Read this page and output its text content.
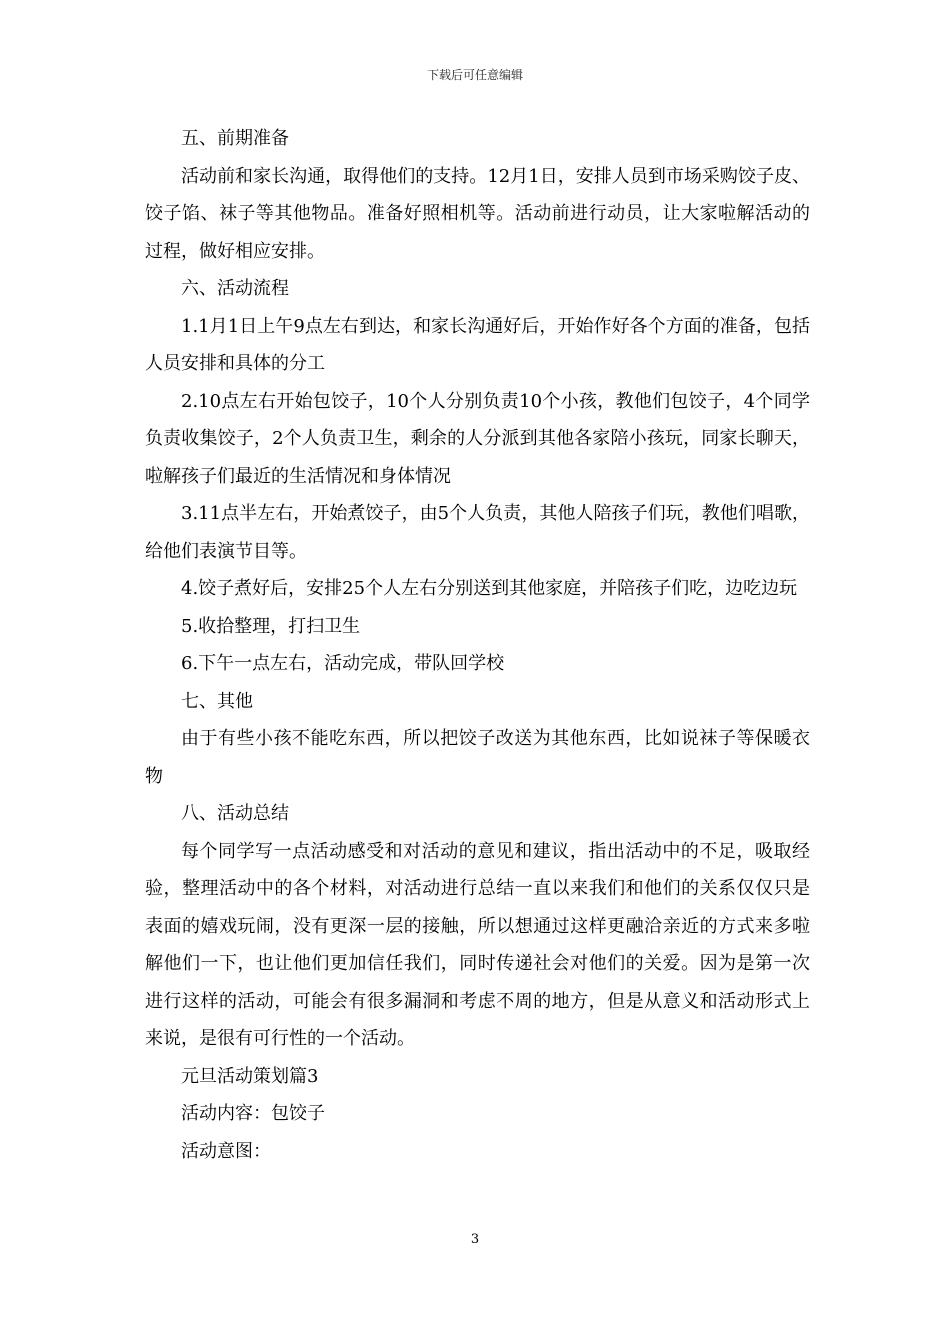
下载后可任意编辑

五、前期准备

活动前和家长沟通，取得他们的支持。12月1日，安排人员到市场采购饺子皮、饺子馅、袜子等其他物品。准备好照相机等。活动前进行动员，让大家啦解活动的过程，做好相应安排。

六、活动流程

1.1月1日上午9点左右到达，和家长沟通好后，开始作好各个方面的准备，包括人员安排和具体的分工

2.10点左右开始包饺子，10个人分别负责10个小孩，教他们包饺子，4个同学负责收集饺子，2个人负责卫生，剩余的人分派到其他各家陪小孩玩，同家长聊天，啦解孩子们最近的生活情况和身体情况

3.11点半左右，开始煮饺子，由5个人负责，其他人陪孩子们玩，教他们唱歌，给他们表演节目等。

4.饺子煮好后，安排25个人左右分别送到其他家庭，并陪孩子们吃，边吃边玩

5.收拾整理，打扫卫生

6.下午一点左右，活动完成，带队回学校

七、其他

由于有些小孩不能吃东西，所以把饺子改送为其他东西，比如说袜子等保暖衣物

八、活动总结

每个同学写一点活动感受和对活动的意见和建议，指出活动中的不足，吸取经验，整理活动中的各个材料，对活动进行总结一直以来我们和他们的关系仅仅只是表面的嬉戏玩闹，没有更深一层的接触，所以想通过这样更融洽亲近的方式来多啦解他们一下，也让他们更加信任我们，同时传递社会对他们的关爱。因为是第一次进行这样的活动，可能会有很多漏洞和考虑不周的地方，但是从意义和活动形式上来说，是很有可行性的一个活动。

元旦活动策划篇3

活动内容：包饺子

活动意图：

3
